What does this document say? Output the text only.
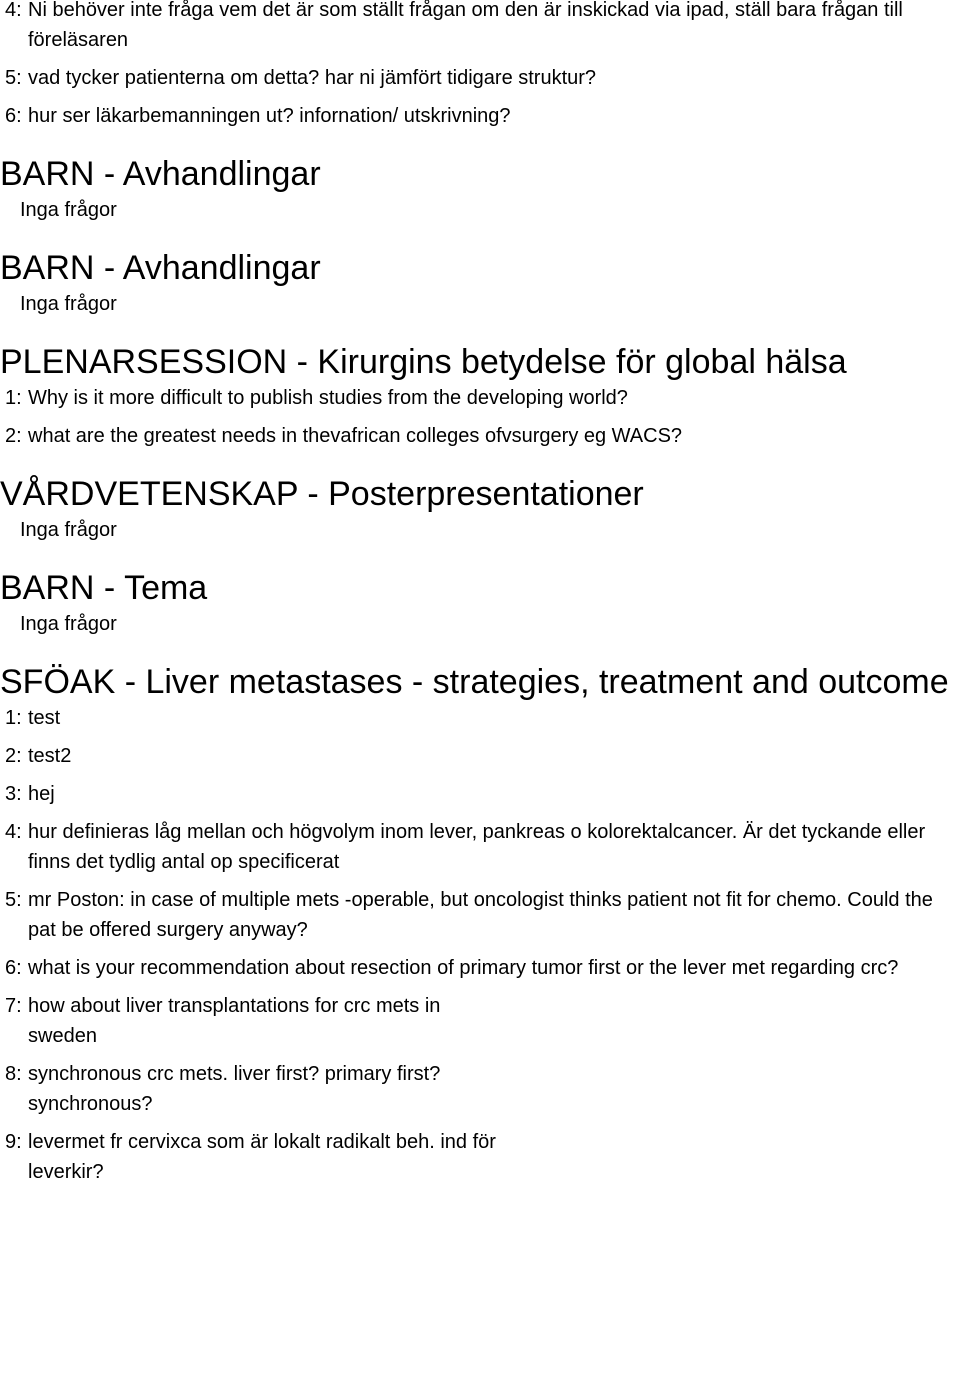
4: Ni behöver inte fråga vem det är som ställt frågan om den är inskickad via ipad, ställ bara frågan till föreläsaren
5: vad tycker patienterna om detta? har ni jämfört tidigare struktur?
6: hur ser läkarbemanningen ut? infornation/ utskrivning?
BARN - Avhandlingar
Inga frågor
BARN - Avhandlingar
Inga frågor
PLENARSESSION - Kirurgins betydelse för global hälsa
1: Why is it more difficult to publish studies from the developing world?
2: what are the greatest needs in thevafrican colleges ofvsurgery eg WACS?
VÅRDVETENSKAP - Posterpresentationer
Inga frågor
BARN - Tema
Inga frågor
SFÖAK - Liver metastases - strategies, treatment and outcome
1: test
2: test2
3: hej
4: hur definieras låg mellan och högvolym inom lever, pankreas o kolorektalcancer. Är det tyckande eller finns det tydlig antal op specificerat
5: mr Poston: in case of multiple mets -operable, but oncologist thinks patient not fit for chemo. Could the pat be offered surgery anyway?
6: what is your recommendation about resection of primary tumor first or the lever met regarding crc?
7: how about liver transplantations for crc mets in sweden
8: synchronous crc mets. liver first? primary first? synchronous?
9: levermet fr cervixca som är lokalt radikalt beh. ind för leverkir?
